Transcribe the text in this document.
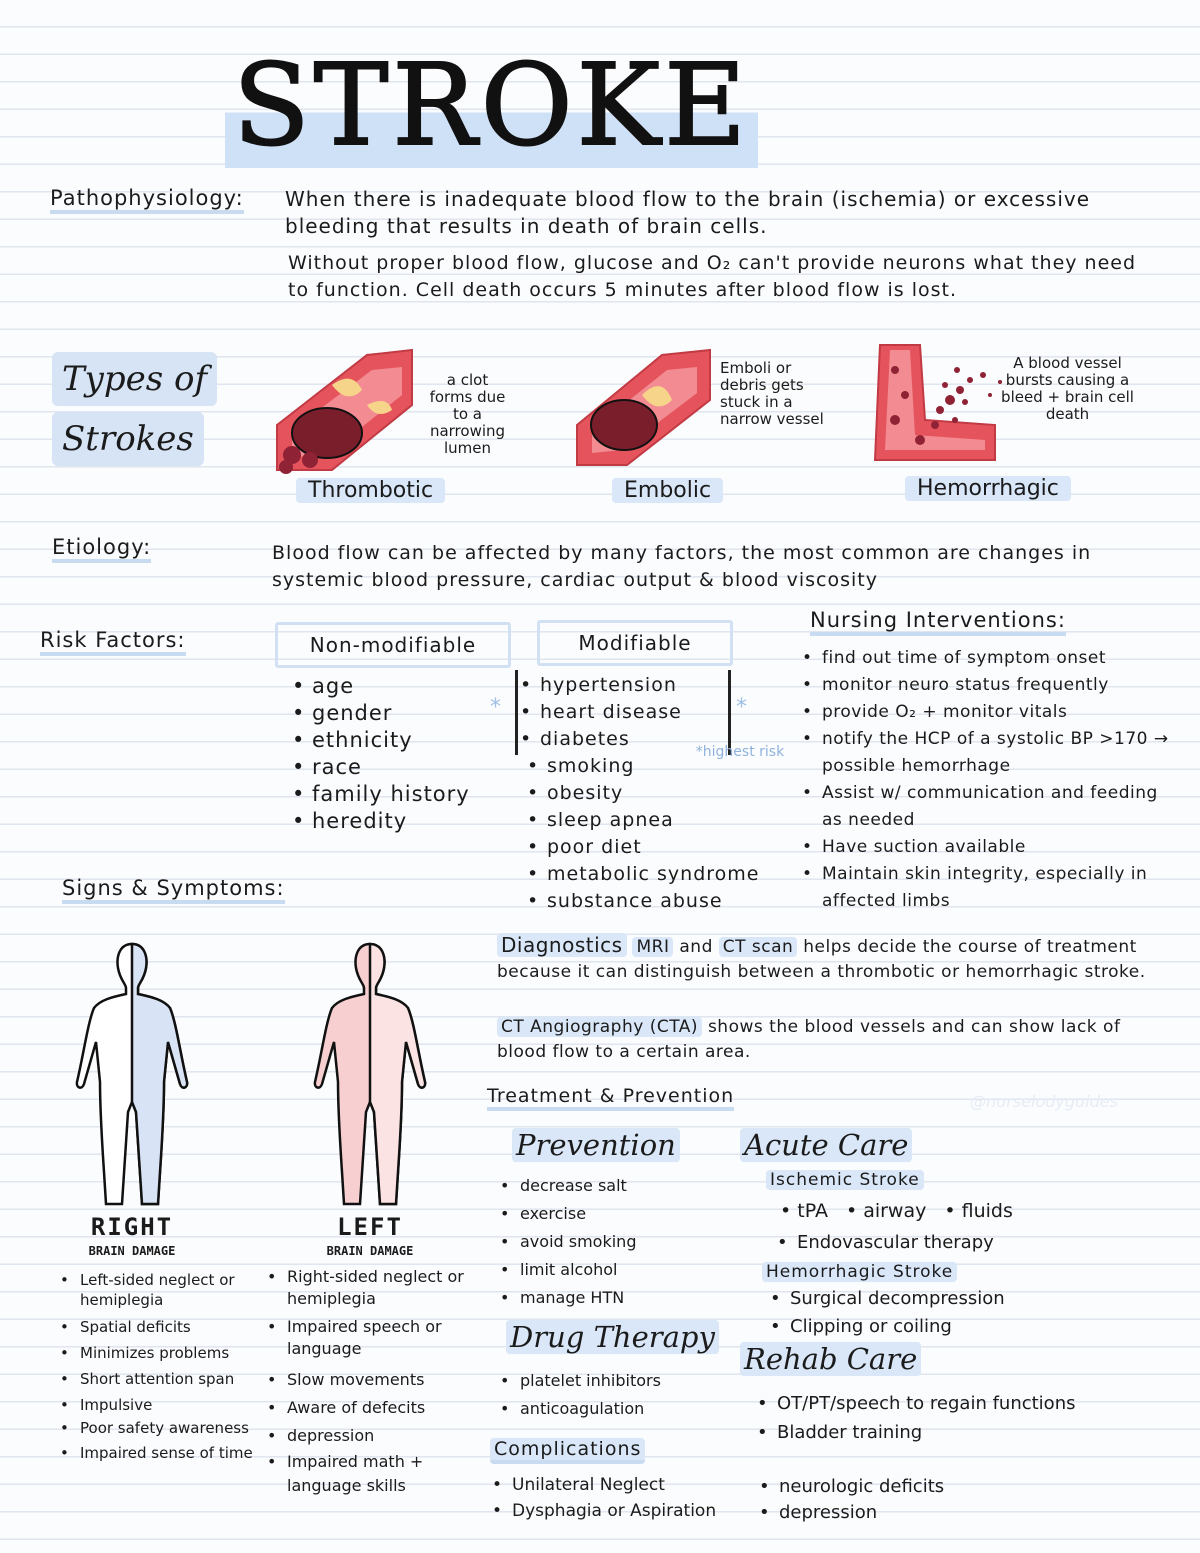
STROKE
Pathophysiology: When there is inadequate blood flow to the brain (ischemia) or excessive bleeding that results in death of brain cells.
Without proper blood flow, glucose and O₂ can't provide neurons what they need to function. Cell death occurs 5 minutes after blood flow is lost.
Types of
Strokes
a clot forms due to a narrowing lumen
Thrombotic
Emboli or debris gets stuck in a narrow vessel
Embolic
A blood vessel bursts causing a bleed + brain cell death
Hemorrhagic
Etiology:	Blood flow can be affected by many factors, the most common are changes in systemic blood pressure, cardiac output & blood viscosity
Risk Factors:	Non-modifiable	Modifiable
• age
• gender
• ethnicity
• race
• family history
• heredity
*
• hypertension
• heart disease
• diabetes
*
*highest risk
• smoking
• obesity
• sleep apnea
• poor diet
• metabolic syndrome
• substance abuse
Nursing Interventions:
• find out time of symptom onset
• monitor neuro status frequently
• provide O₂ + monitor vitals
• notify the HCP of a systolic BP >170 → possible hemorrhage
• Assist w/ communication and feeding as needed
• Have suction available
• Maintain skin integrity, especially in affected limbs
Signs & Symptoms:
RIGHT
BRAIN DAMAGE
LEFT
BRAIN DAMAGE
• Left-sided neglect or hemiplegia
• Spatial deficits
• Minimizes problems
• Short attention span
• Impulsive
• Poor safety awareness
• Impaired sense of time
• Right-sided neglect or hemiplegia
• Impaired speech or language
• Slow movements
• Aware of defecits
• depression
• Impaired math + language skills
Diagnostics MRI and CT scan helps decide the course of treatment because it can distinguish between a thrombotic or hemorrhagic stroke.
CT Angiography (CTA) shows the blood vessels and can show lack of blood flow to a certain area.
Treatment & Prevention	@nurselodyguides
Prevention
• decrease salt
• exercise
• avoid smoking
• limit alcohol
• manage HTN
Drug Therapy
• platelet inhibitors
• anticoagulation
Acute Care
Ischemic Stroke
• tPA • airway • fluids
• Endovascular therapy
Hemorrhagic Stroke
• Surgical decompression
• Clipping or coiling
Rehab Care
• OT/PT/speech to regain functions
• Bladder training
Complications
• Unilateral Neglect
• Dysphagia or Aspiration
• neurologic deficits
• depression
